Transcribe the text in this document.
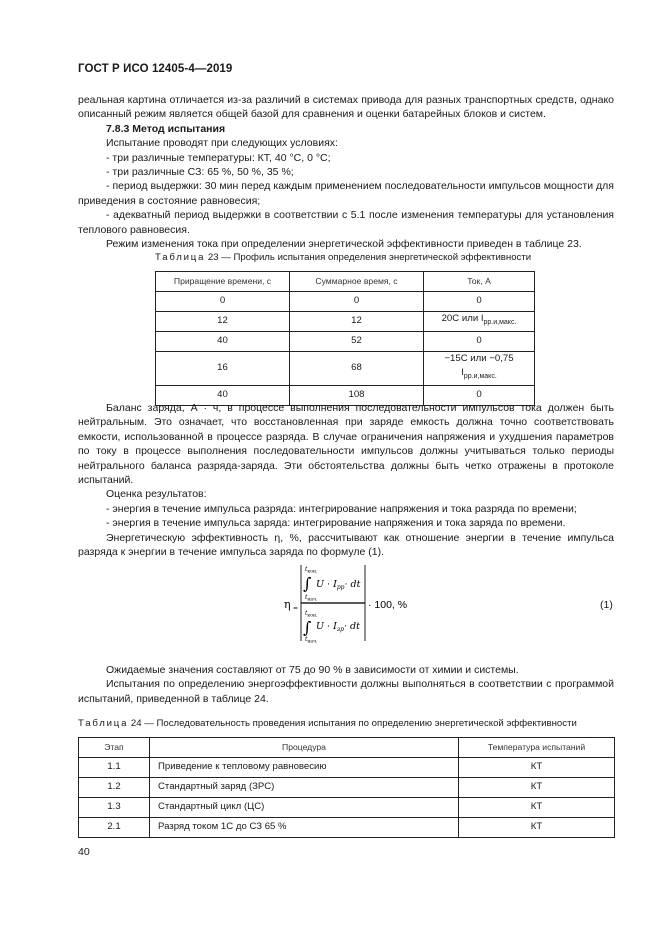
ГОСТ Р ИСО 12405-4—2019

реальная картина отличается из-за различий в системах привода для разных транспортных средств, однако описанный режим является общей базой для сравнения и оценки батарейных блоков и систем.

7.8.3 Метод испытания

Испытание проводят при следующих условиях:

- три различные температуры: КТ, 40 °C, 0 °C;

- три различные СЗ: 65 %, 50 %, 35 %;

- период выдержки: 30 мин перед каждым применением последовательности импульсов мощности для приведения в состояние равновесия;

- адекватный период выдержки в соответствии с 5.1 после изменения температуры для установления теплового равновесия.

Режим изменения тока при определении энергетической эффективности приведен в таблице 23.

Таблица 23 — Профиль испытания определения энергетической эффективности
Приращение времени, с	Суммарное время, с	Ток, А
0	0	0
12	12	20C или $I_{рр.и,макс.}$
40	52	0
16	68	−15C или −0,75 $I_{рр.и,макс.}$
40	108	0

Баланс заряда, А · ч, в процессе выполнения последовательности импульсов тока должен быть нейтральным. Это означает, что восстановленная при заряде емкость должна точно соответствовать емкости, использованной в процессе разряда. В случае ограничения напряжения и ухудшения параметров по току в процессе выполнения последовательности импульсов должны учитываться только периоды нейтрального баланса разряда-заряда. Эти обстоятельства должны быть четко отражены в протоколе испытаний.

Оценка результатов:

- энергия в течение импульса разряда: интегрирование напряжения и тока разряда по времени;

- энергия в течение импульса заряда: интегрирование напряжения и тока заряда по времени.

Энергетическую эффективность η, %, рассчитывают как отношение энергии в течение импульса разряда к энергии в течение импульса заряда по формуле (1).

η =
$t_{кон.}$
∫ $U \cdot I_{pp}\cdot$ dt
$t_{нач.}$
$t_{кон.}$
∫ $U \cdot I_{зр}\cdot$ dt
$t_{нач.}$
· 100, %	(1)

Ожидаемые значения составляют от 75 до 90 % в зависимости от химии и системы.

Испытания по определению энергоэффективности должны выполняться в соответствии с программой испытаний, приведенной в таблице 24.

Таблица 24 — Последовательность проведения испытания по определению энергетической эффективности
Этап	Процедура	Температура испытаний
1.1	Приведение к тепловому равновесию	КТ
1.2	Стандартный заряд (ЗРС)	КТ
1.3	Стандартный цикл (ЦС)	КТ
2.1	Разряд током 1C до СЗ 65 %	КТ
40
